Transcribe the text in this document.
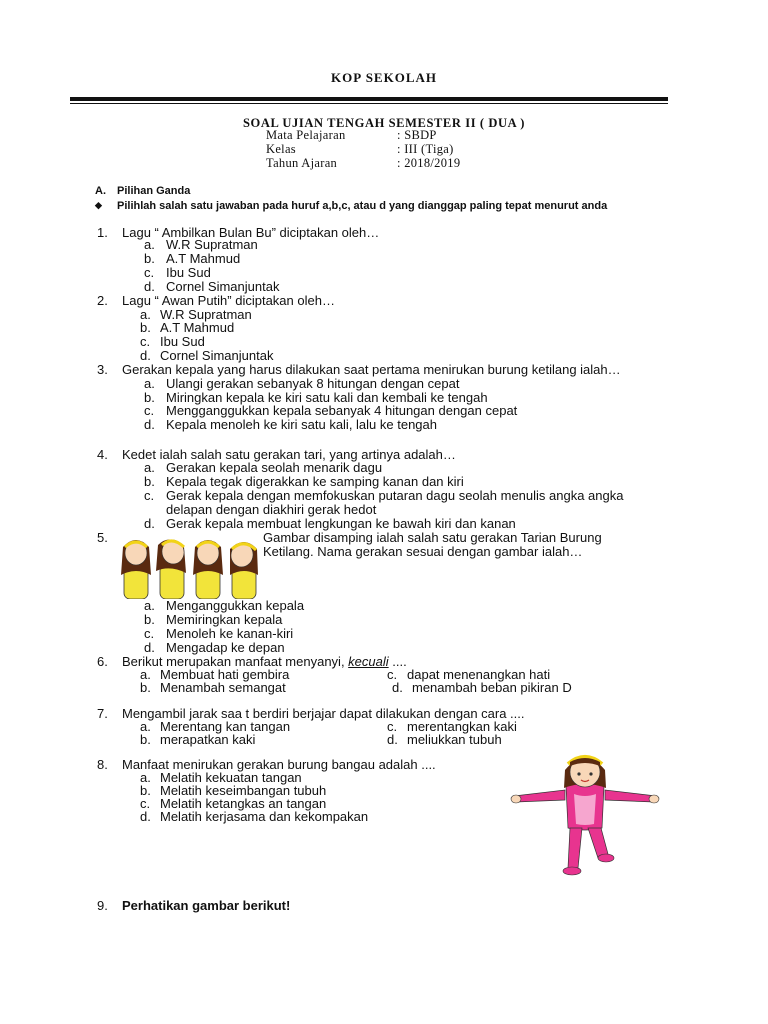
KOP SEKOLAH
SOAL UJIAN TENGAH SEMESTER II ( DUA )
Mata Pelajaran	: SBDP
Kelas	: III (Tiga)
Tahun Ajaran	: 2018/2019
A. Pilihan Ganda
◆ Pilihlah salah satu jawaban pada huruf a,b,c, atau d yang dianggap paling tepat menurut anda
1. Lagu “ Ambilkan Bulan Bu” diciptakan oleh…
a. W.R Supratman
b. A.T Mahmud
c. Ibu Sud
d. Cornel Simanjuntak
2. Lagu “ Awan Putih” diciptakan oleh…
a. W.R Supratman
b. A.T Mahmud
c. Ibu Sud
d. Cornel Simanjuntak
3. Gerakan kepala yang harus dilakukan saat pertama menirukan burung ketilang ialah…
a. Ulangi gerakan sebanyak 8 hitungan dengan cepat
b. Miringkan kepala ke kiri satu kali dan kembali ke tengah
c. Mengganggukkan kepala sebanyak 4 hitungan dengan cepat
d. Kepala menoleh ke kiri satu kali, lalu ke tengah
4. Kedet ialah salah satu gerakan tari, yang artinya adalah…
a. Gerakan kepala seolah menarik dagu
b. Kepala tegak digerakkan ke samping kanan dan kiri
c. Gerak kepala dengan memfokuskan putaran dagu seolah menulis angka angka
delapan dengan diakhiri gerak hedot
d. Gerak kepala membuat lengkungan ke bawah kiri dan kanan
5.	Gambar disamping ialah salah satu gerakan Tarian Burung
Ketilang. Nama gerakan sesuai dengan gambar ialah…
a. Menganggukkan kepala
b. Memiringkan kepala
c. Menoleh ke kanan-kiri
d. Mengadap ke depan
6. Berikut merupakan manfaat menyanyi, kecuali ....
a. Membuat hati gembira	c. dapat menenangkan hati
b. Menambah semangat	d. menambah beban pikiran D
7. Mengambil jarak saa t berdiri berjajar dapat dilakukan dengan cara ....
a. Merentang kan tangan	c. merentangkan kaki
b. merapatkan kaki	d. meliukkan tubuh
8. Manfaat menirukan gerakan burung bangau adalah ....
a. Melatih kekuatan tangan
b. Melatih keseimbangan tubuh
c. Melatih ketangkas an tangan
d. Melatih kerjasama dan kekompakan
9. Perhatikan gambar berikut!
